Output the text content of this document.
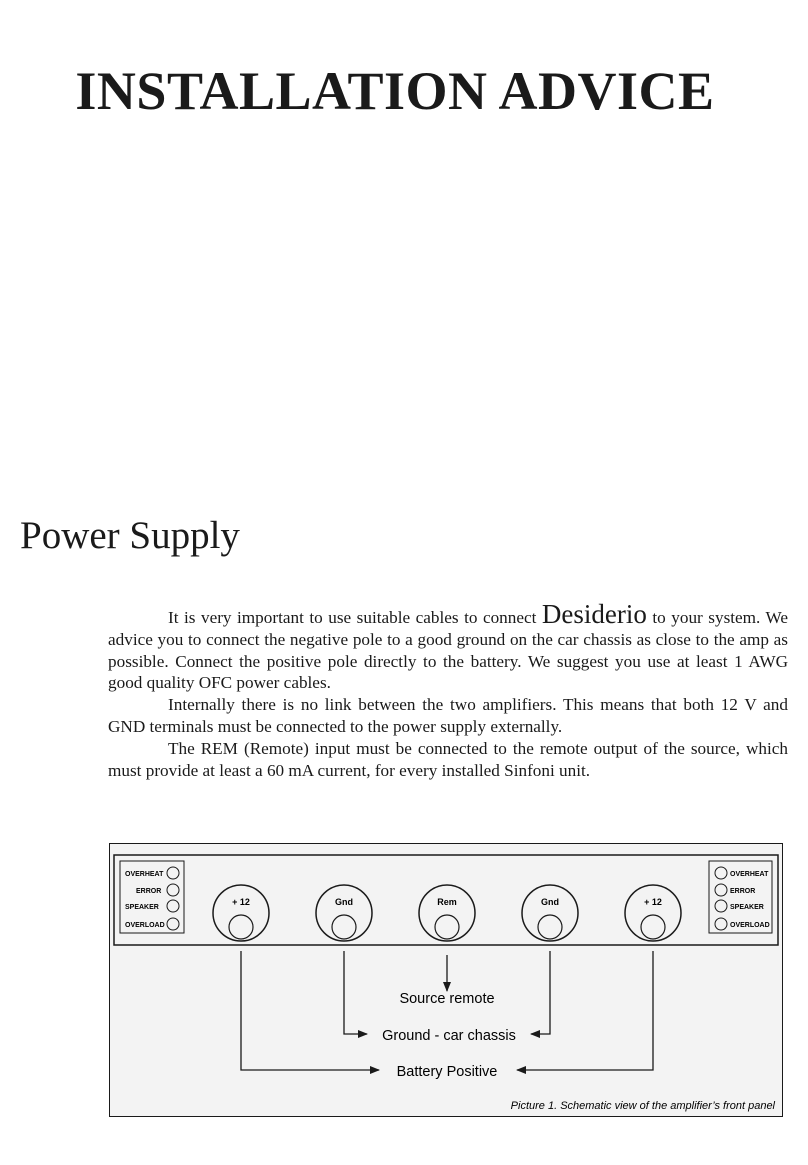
INSTALLATION ADVICE
Power Supply

It is very important to use suitable cables to connect Desiderio to your system. We advice you to connect the negative pole to a good ground on the car chassis as close to the amp as possible. Connect the positive pole directly to the battery. We suggest you use at least 1 AWG good quality OFC power cables.

Internally there is no link between the two amplifiers. This means that both 12 V and GND terminals must be connected to the power supply externally.

The REM (Remote) input must be connected to the remote output of the source, which must provide at least a 60 mA current, for every installed Sinfoni unit.

OVERHEAT
ERROR
SPEAKER
OVERLOAD
OVERHEAT
ERROR
SPEAKER
OVERLOAD
+ 12	Gnd	Rem	Gnd	+ 12
Source remote
Ground - car chassis
Battery Positive
Picture 1. Schematic view of the amplifier’s front panel
